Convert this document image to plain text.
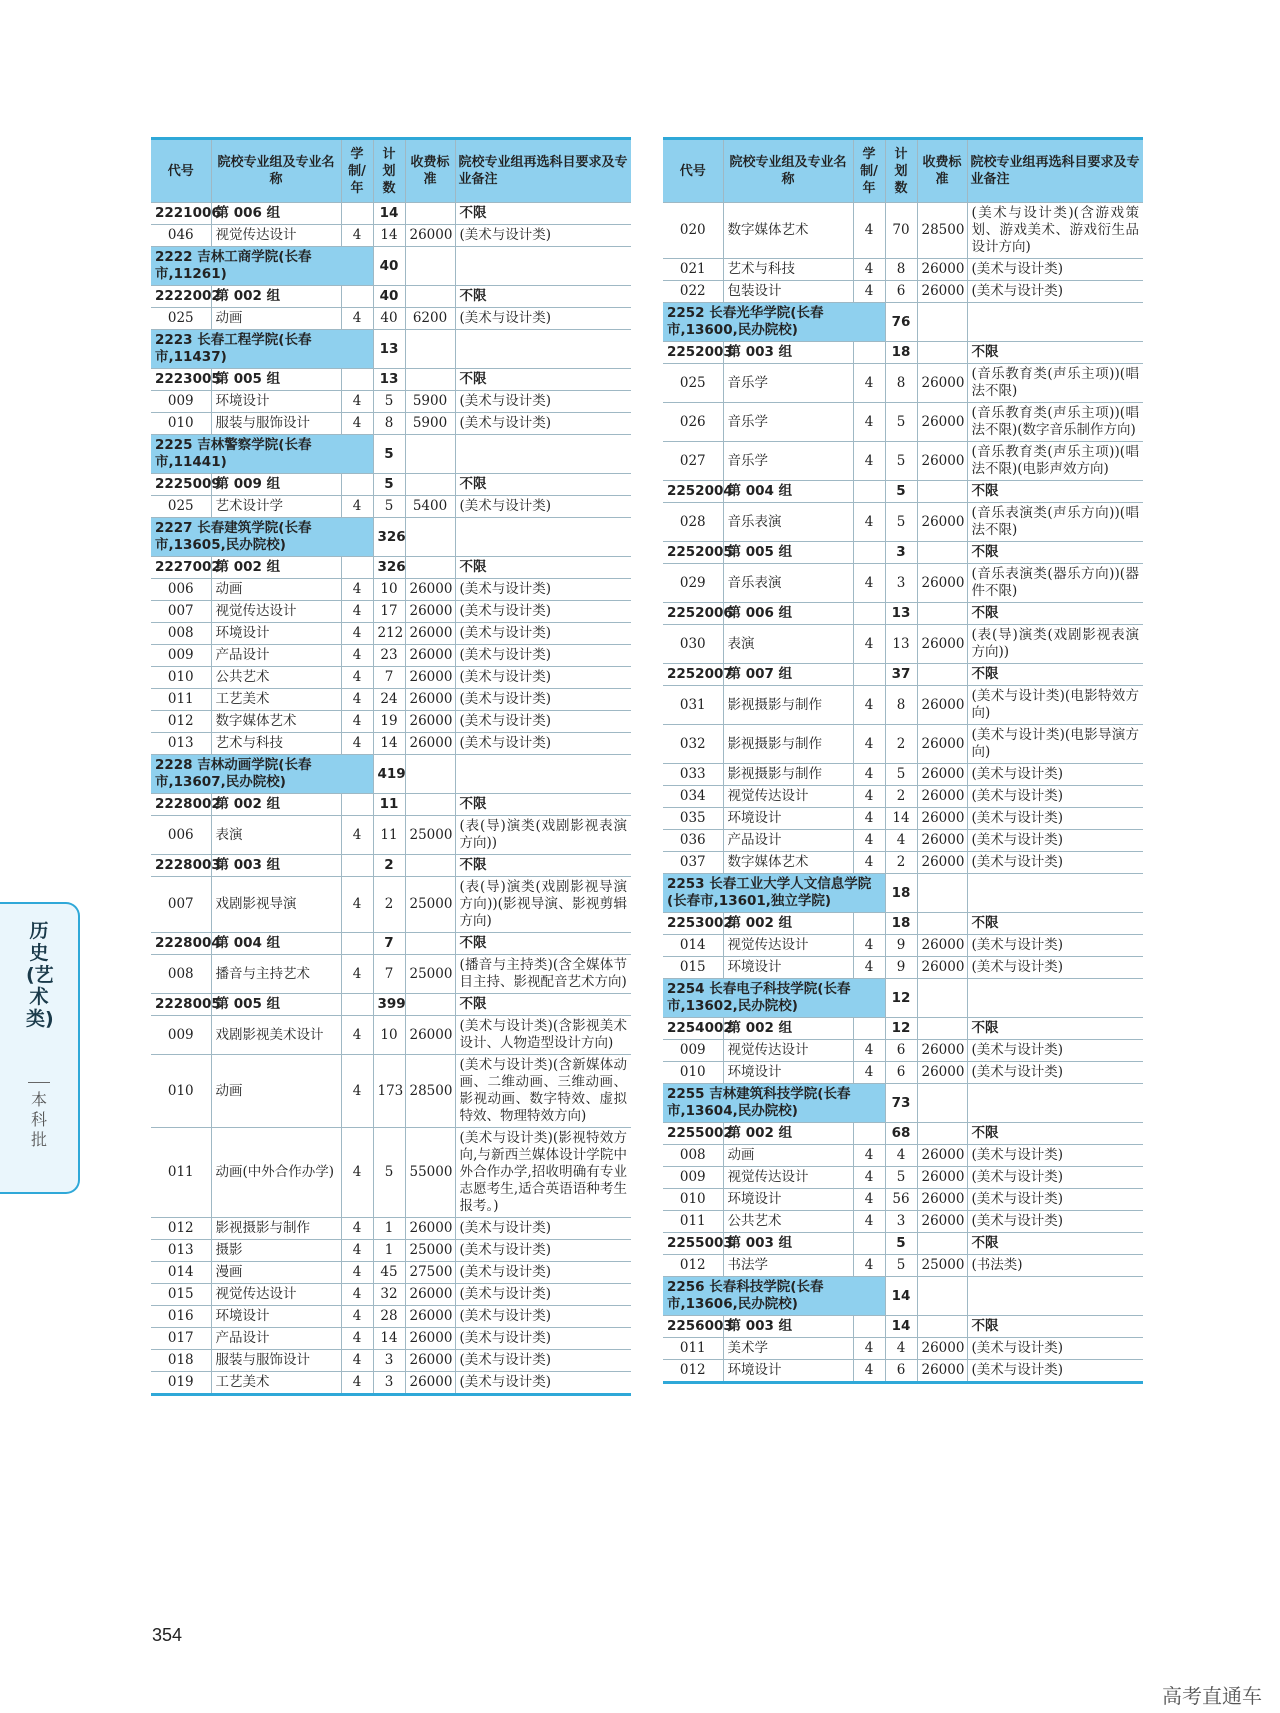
代号	院校专业组及专业名称	学制/年	计划数	收费标准	院校专业组再选科目要求及专业备注
2221006	第 006 组		14		不限
046	视觉传达设计	4	14	26000	(美术与设计类)
2222 吉林工商学院(长春市,11261)			40		
2222002	第 002 组		40		不限
025	动画	4	40	6200	(美术与设计类)
2223 长春工程学院(长春市,11437)			13		
2223005	第 005 组		13		不限
009	环境设计	4	5	5900	(美术与设计类)
010	服装与服饰设计	4	8	5900	(美术与设计类)
2225 吉林警察学院(长春市,11441)			5		
2225009	第 009 组		5		不限
025	艺术设计学	4	5	5400	(美术与设计类)
2227 长春建筑学院(长春市,13605,民办院校)			326		
2227002	第 002 组		326		不限
006	动画	4	10	26000	(美术与设计类)
007	视觉传达设计	4	17	26000	(美术与设计类)
008	环境设计	4	212	26000	(美术与设计类)
009	产品设计	4	23	26000	(美术与设计类)
010	公共艺术	4	7	26000	(美术与设计类)
011	工艺美术	4	24	26000	(美术与设计类)
012	数字媒体艺术	4	19	26000	(美术与设计类)
013	艺术与科技	4	14	26000	(美术与设计类)
2228 吉林动画学院(长春市,13607,民办院校)			419		
2228002	第 002 组		11		不限
006	表演	4	11	25000	(表(导)演类(戏剧影视表演方向))
2228003	第 003 组		2		不限
007	戏剧影视导演	4	2	25000	(表(导)演类(戏剧影视导演方向))(影视导演、影视剪辑方向)
2228004	第 004 组		7		不限
008	播音与主持艺术	4	7	25000	(播音与主持类)(含全媒体节目主持、影视配音艺术方向)
2228005	第 005 组		399		不限
009	戏剧影视美术设计	4	10	26000	(美术与设计类)(含影视美术设计、人物造型设计方向)
010	动画	4	173	28500	(美术与设计类)(含新媒体动画、二维动画、三维动画、影视动画、数字特效、虚拟特效、物理特效方向)
011	动画(中外合作办学)	4	5	55000	(美术与设计类)(影视特效方向,与新西兰媒体设计学院中外合作办学,招收明确有专业志愿考生,适合英语语种考生报考。)
012	影视摄影与制作	4	1	26000	(美术与设计类)
013	摄影	4	1	25000	(美术与设计类)
014	漫画	4	45	27500	(美术与设计类)
015	视觉传达设计	4	32	26000	(美术与设计类)
016	环境设计	4	28	26000	(美术与设计类)
017	产品设计	4	14	26000	(美术与设计类)
018	服装与服饰设计	4	3	26000	(美术与设计类)
019	工艺美术	4	3	26000	(美术与设计类)
代号	院校专业组及专业名称	学制/年	计划数	收费标准	院校专业组再选科目要求及专业备注
020	数字媒体艺术	4	70	28500	(美术与设计类)(含游戏策划、游戏美术、游戏衍生品设计方向)
021	艺术与科技	4	8	26000	(美术与设计类)
022	包装设计	4	6	26000	(美术与设计类)
2252 长春光华学院(长春市,13600,民办院校)			76		
2252003	第 003 组		18		不限
025	音乐学	4	8	26000	(音乐教育类(声乐主项))(唱法不限)
026	音乐学	4	5	26000	(音乐教育类(声乐主项))(唱法不限)(数字音乐制作方向)
027	音乐学	4	5	26000	(音乐教育类(声乐主项))(唱法不限)(电影声效方向)
2252004	第 004 组		5		不限
028	音乐表演	4	5	26000	(音乐表演类(声乐方向))(唱法不限)
2252005	第 005 组		3		不限
029	音乐表演	4	3	26000	(音乐表演类(器乐方向))(器件不限)
2252006	第 006 组		13		不限
030	表演	4	13	26000	(表(导)演类(戏剧影视表演方向))
2252007	第 007 组		37		不限
031	影视摄影与制作	4	8	26000	(美术与设计类)(电影特效方向)
032	影视摄影与制作	4	2	26000	(美术与设计类)(电影导演方向)
033	影视摄影与制作	4	5	26000	(美术与设计类)
034	视觉传达设计	4	2	26000	(美术与设计类)
035	环境设计	4	14	26000	(美术与设计类)
036	产品设计	4	4	26000	(美术与设计类)
037	数字媒体艺术	4	2	26000	(美术与设计类)
2253 长春工业大学人文信息学院(长春市,13601,独立学院)			18		
2253002	第 002 组		18		不限
014	视觉传达设计	4	9	26000	(美术与设计类)
015	环境设计	4	9	26000	(美术与设计类)
2254 长春电子科技学院(长春市,13602,民办院校)			12		
2254002	第 002 组		12		不限
009	视觉传达设计	4	6	26000	(美术与设计类)
010	环境设计	4	6	26000	(美术与设计类)
2255 吉林建筑科技学院(长春市,13604,民办院校)			73		
2255002	第 002 组		68		不限
008	动画	4	4	26000	(美术与设计类)
009	视觉传达设计	4	5	26000	(美术与设计类)
010	环境设计	4	56	26000	(美术与设计类)
011	公共艺术	4	3	26000	(美术与设计类)
2255003	第 003 组		5		不限
012	书法学	4	5	25000	(书法类)
2256 长春科技学院(长春市,13606,民办院校)			14		
2256003	第 003 组		14		不限
011	美术学	4	4	26000	(美术与设计类)
012	环境设计	4	6	26000	(美术与设计类)
354
历史(艺术类)
本科批
高考直通车
